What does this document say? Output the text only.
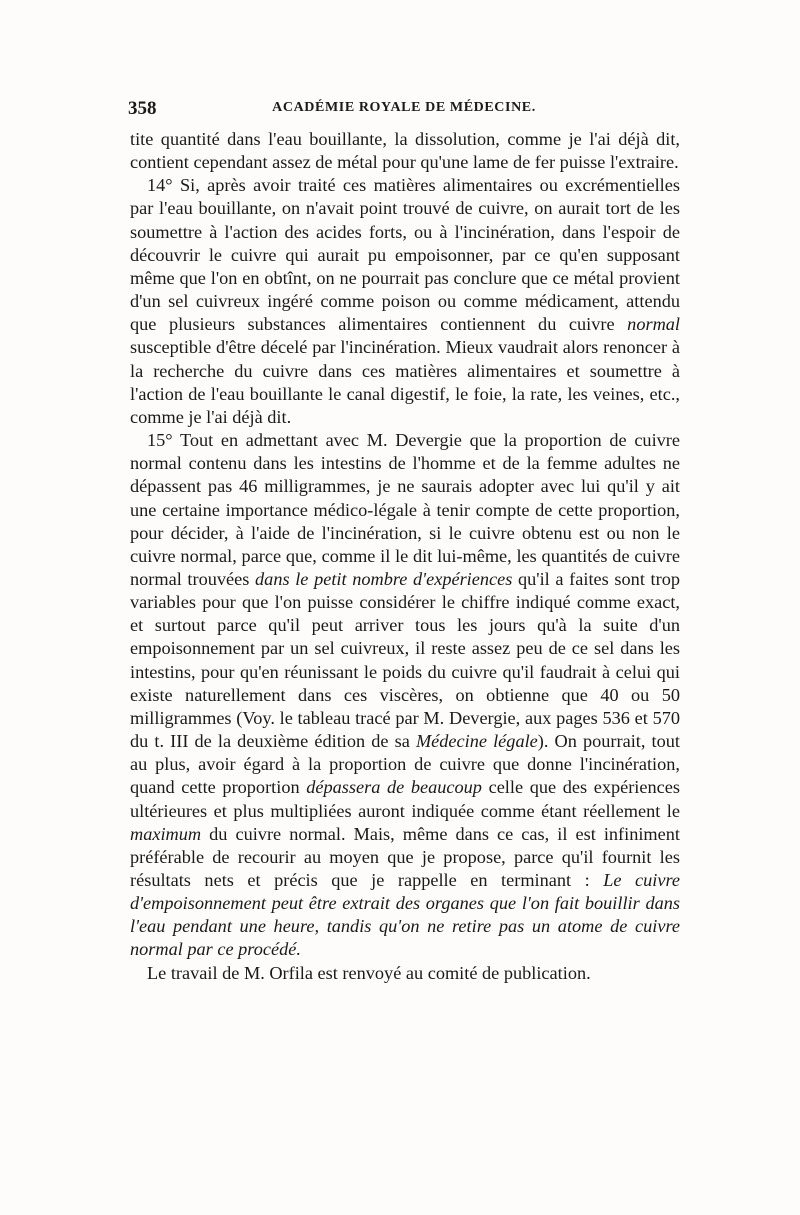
358	ACADÉMIE ROYALE DE MÉDECINE.

tite quantité dans l'eau bouillante, la dissolution, comme je l'ai déjà dit, contient cependant assez de métal pour qu'une lame de fer puisse l'extraire.

14° Si, après avoir traité ces matières alimentaires ou excrémentielles par l'eau bouillante, on n'avait point trouvé de cuivre, on aurait tort de les soumettre à l'action des acides forts, ou à l'incinération, dans l'espoir de découvrir le cuivre qui aurait pu empoisonner, par ce qu'en supposant même que l'on en obtînt, on ne pourrait pas conclure que ce métal provient d'un sel cuivreux ingéré comme poison ou comme médicament, attendu que plusieurs substances alimentaires contiennent du cuivre normal susceptible d'être décelé par l'incinération. Mieux vaudrait alors renoncer à la recherche du cuivre dans ces matières alimentaires et soumettre à l'action de l'eau bouillante le canal digestif, le foie, la rate, les veines, etc., comme je l'ai déjà dit.

15° Tout en admettant avec M. Devergie que la proportion de cuivre normal contenu dans les intestins de l'homme et de la femme adultes ne dépassent pas 46 milligrammes, je ne saurais adopter avec lui qu'il y ait une certaine importance médico-légale à tenir compte de cette proportion, pour décider, à l'aide de l'incinération, si le cuivre obtenu est ou non le cuivre normal, parce que, comme il le dit lui-même, les quantités de cuivre normal trouvées dans le petit nombre d'expériences qu'il a faites sont trop variables pour que l'on puisse considérer le chiffre indiqué comme exact, et surtout parce qu'il peut arriver tous les jours qu'à la suite d'un empoisonnement par un sel cuivreux, il reste assez peu de ce sel dans les intestins, pour qu'en réunissant le poids du cuivre qu'il faudrait à celui qui existe naturellement dans ces viscères, on obtienne que 40 ou 50 milligrammes (Voy. le tableau tracé par M. Devergie, aux pages 536 et 570 du t. III de la deuxième édition de sa Médecine légale). On pourrait, tout au plus, avoir égard à la proportion de cuivre que donne l'incinération, quand cette proportion dépassera de beaucoup celle que des expériences ultérieures et plus multipliées auront indiquée comme étant réellement le maximum du cuivre normal. Mais, même dans ce cas, il est infiniment préférable de recourir au moyen que je propose, parce qu'il fournit les résultats nets et précis que je rappelle en terminant : Le cuivre d'empoisonnement peut être extrait des organes que l'on fait bouillir dans l'eau pendant une heure, tandis qu'on ne retire pas un atome de cuivre normal par ce procédé.

Le travail de M. Orfila est renvoyé au comité de publication.
